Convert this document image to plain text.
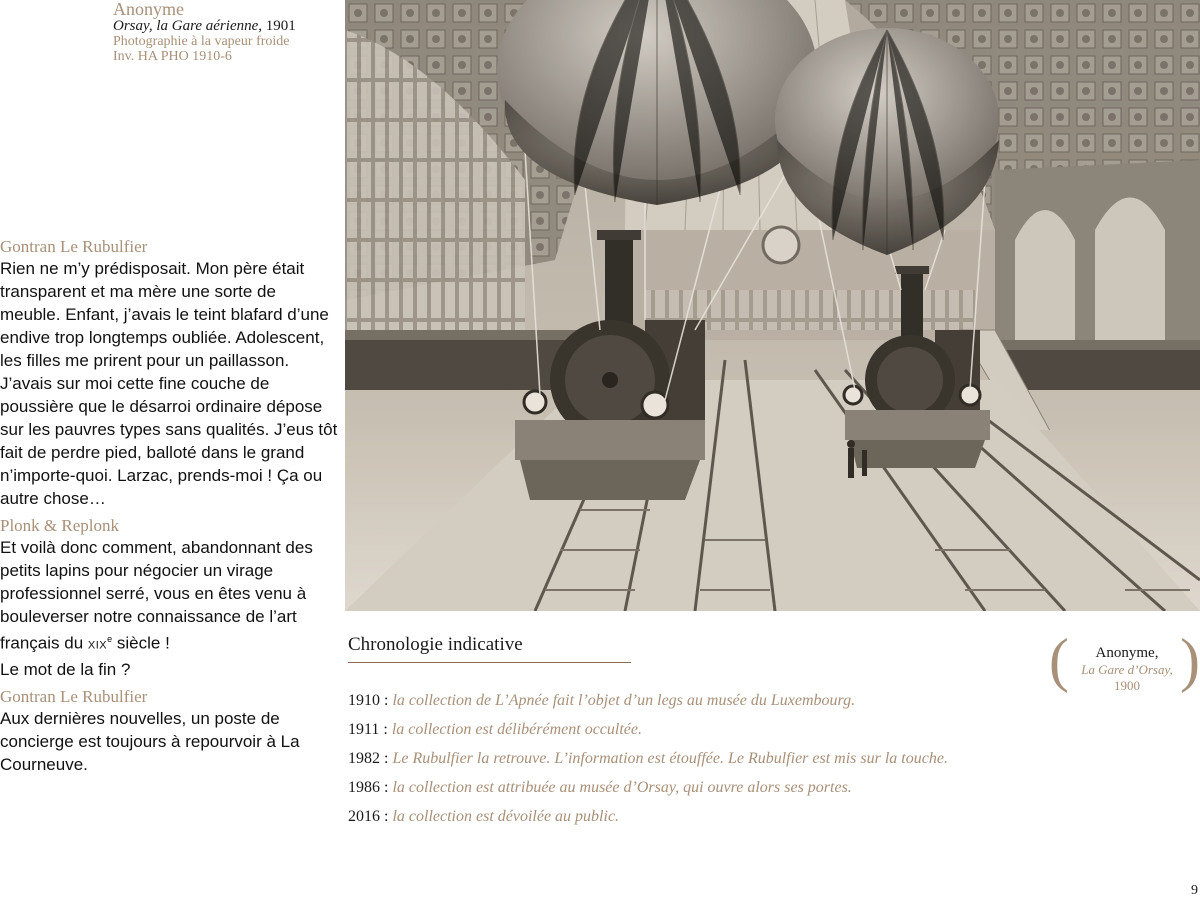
Anonyme
Orsay, la Gare aérienne, 1901
Photographie à la vapeur froide
Inv. HA PHO 1910-6
Gontran Le Rubulfier
Rien ne m’y prédisposait. Mon père était transparent et ma mère une sorte de meuble. Enfant, j’avais le teint blafard d’une endive trop longtemps oubliée. Adolescent, les filles me prirent pour un paillasson. J’avais sur moi cette fine couche de poussière que le désarroi ordinaire dépose sur les pauvres types sans qualités. J’eus tôt fait de perdre pied, balloté dans le grand n’importe-quoi. Larzac, prends-moi ! Ça ou autre chose…
Plonk & Replonk
Et voilà donc comment, abandonnant des petits lapins pour négocier un virage professionnel serré, vous en êtes venu à bouleverser notre connaissance de l’art français du XIXe siècle !
Le mot de la fin ?
Gontran Le Rubulfier
Aux dernières nouvelles, un poste de concierge est toujours à repourvoir à La Courneuve.
Chronologie indicative
1910 : la collection de L’Apnée fait l’objet d’un legs au musée du Luxembourg.
1911 : la collection est délibérément occultée.
1982 : Le Rubulfier la retrouve. L’information est étouffée. Le Rubulfier est mis sur la touche.
1986 : la collection est attribuée au musée d’Orsay, qui ouvre alors ses portes.
2016 : la collection est dévoilée au public.
(	Anonyme,
La Gare d’Orsay,
1900 )
9
